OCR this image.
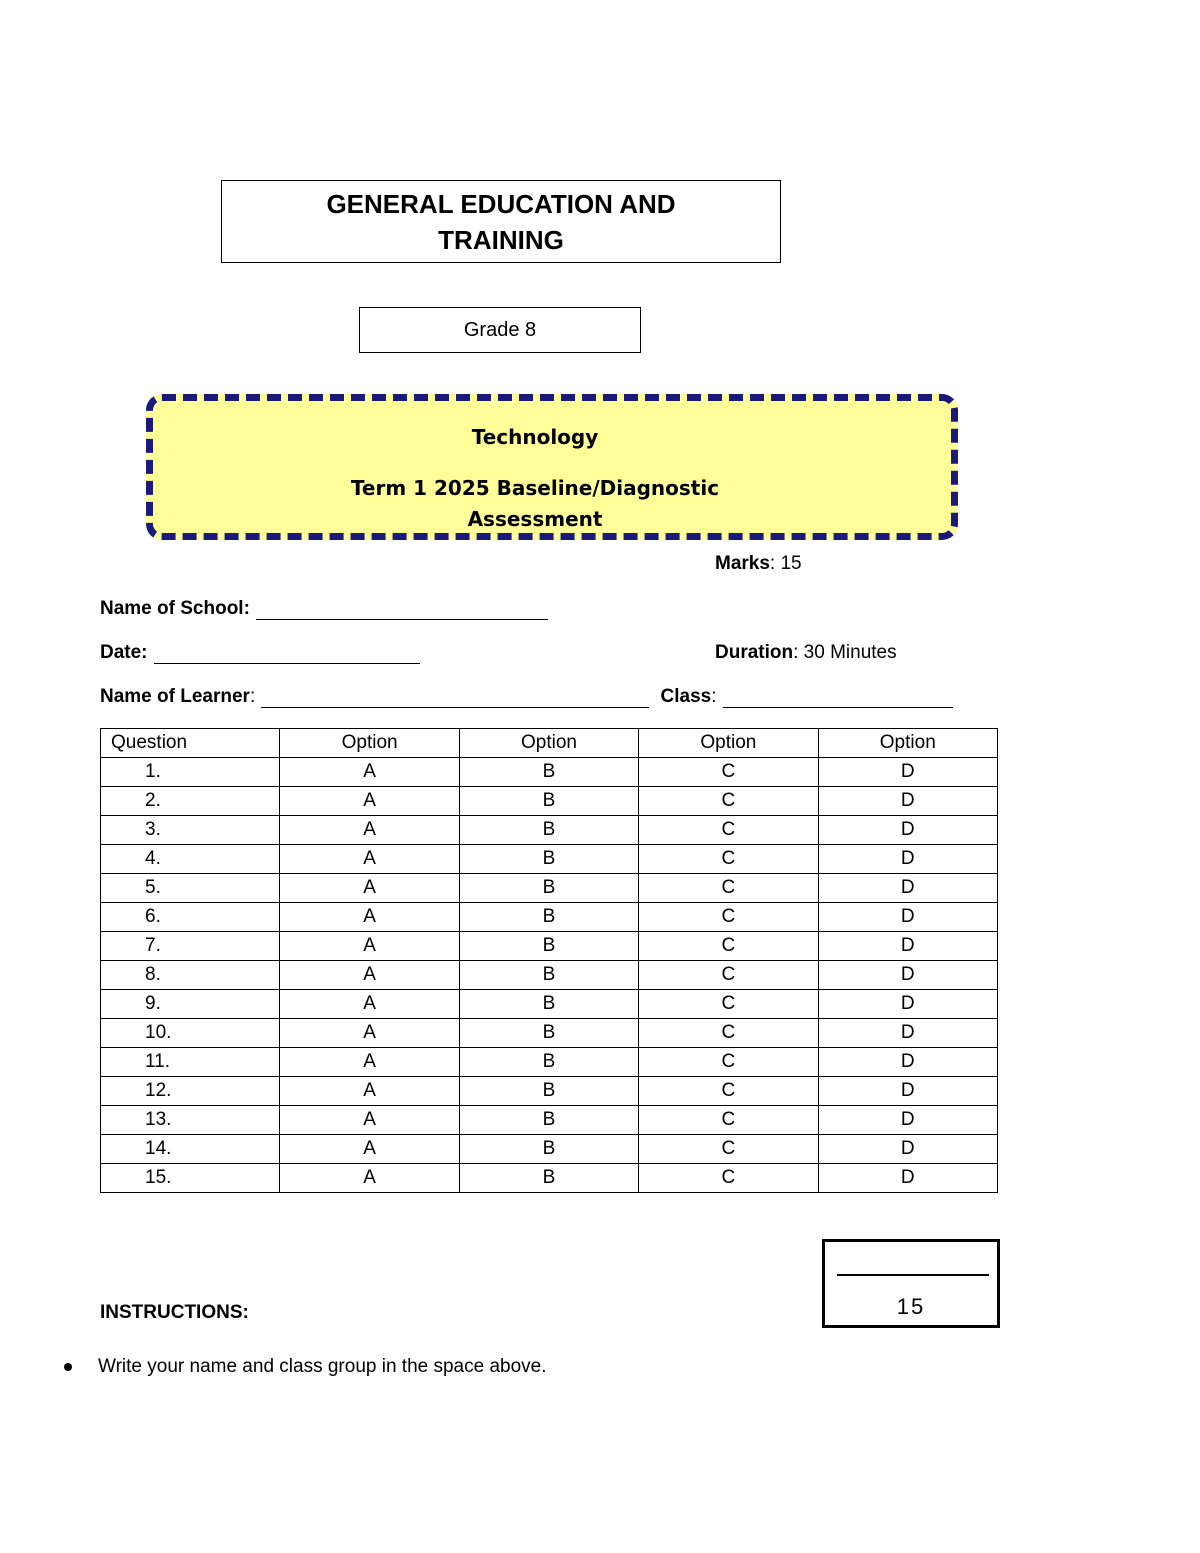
GENERAL EDUCATION AND TRAINING
Grade 8
Technology
Term 1 2025 Baseline/Diagnostic
Assessment
Marks: 15
Name of School:
Date:	Duration: 30 Minutes
Name of Learner:	Class:
Question	Option	Option	Option	Option
1.	A	B	C	D
2.	A	B	C	D
3.	A	B	C	D
4.	A	B	C	D
5.	A	B	C	D
6.	A	B	C	D
7.	A	B	C	D
8.	A	B	C	D
9.	A	B	C	D
10.	A	B	C	D
11.	A	B	C	D
12.	A	B	C	D
13.	A	B	C	D
14.	A	B	C	D
15.	A	B	C	D
15
INSTRUCTIONS:
Write your name and class group in the space above.
